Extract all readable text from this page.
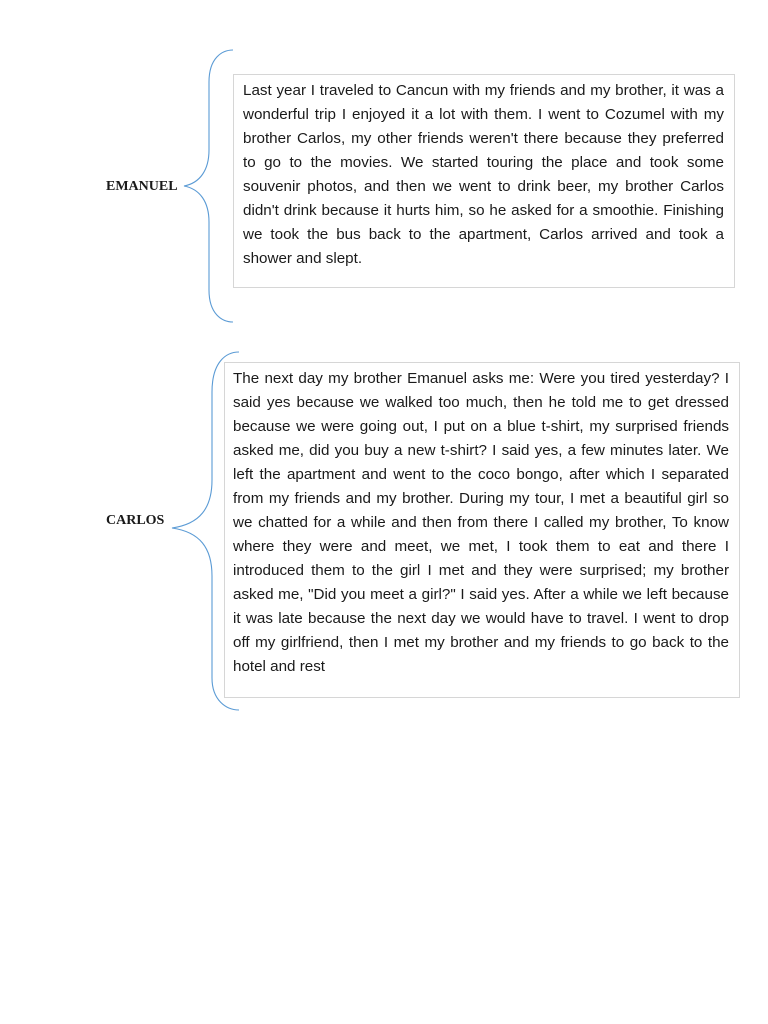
EMANUEL
Last year I traveled to Cancun with my friends and my brother, it was a wonderful trip I enjoyed it a lot with them. I went to Cozumel with my brother Carlos, my other friends weren't there because they preferred to go to the movies. We started touring the place and took some souvenir photos, and then we went to drink beer, my brother Carlos didn't drink because it hurts him, so he asked for a smoothie. Finishing we took the bus back to the apartment, Carlos arrived and took a shower and slept.
CARLOS
The next day my brother Emanuel asks me: Were you tired yesterday? I said yes because we walked too much, then he told me to get dressed because we were going out, I put on a blue t-shirt, my surprised friends asked me, did you buy a new t-shirt? I said yes, a few minutes later. We left the apartment and went to the coco bongo, after which I separated from my friends and my brother. During my tour, I met a beautiful girl so we chatted for a while and then from there I called my brother, To know where they were and meet, we met, I took them to eat and there I introduced them to the girl I met and they were surprised; my brother asked me, "Did you meet a girl?" I said yes. After a while we left because it was late because the next day we would have to travel. I went to drop off my girlfriend, then I met my brother and my friends to go back to the hotel and rest
